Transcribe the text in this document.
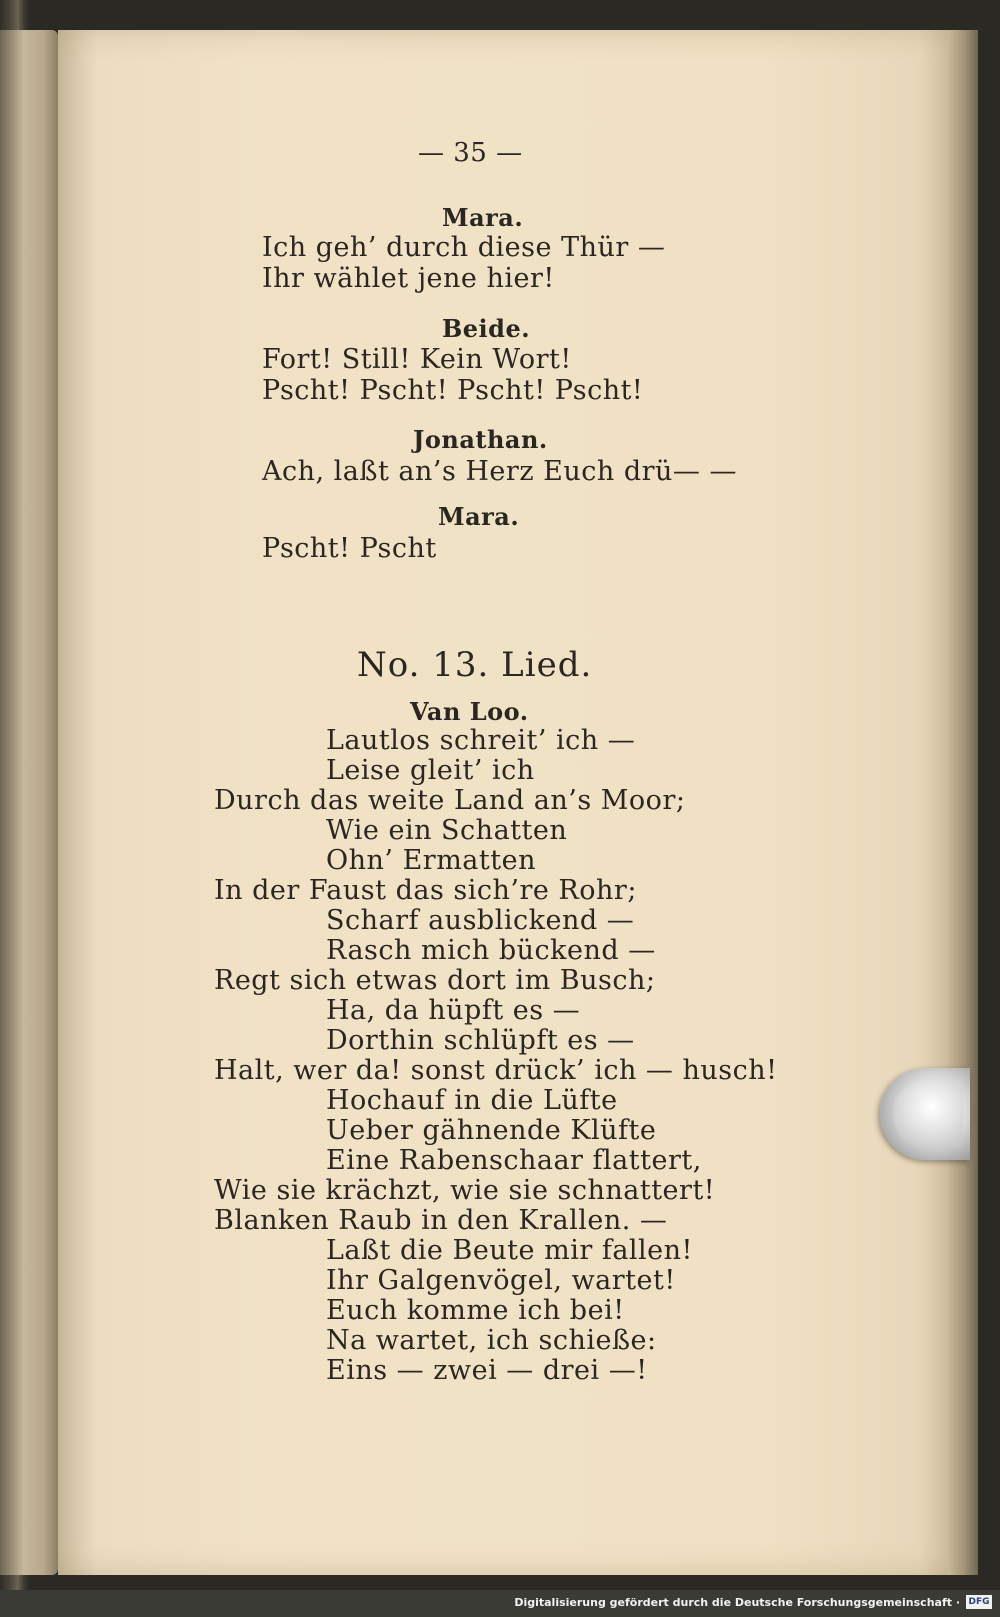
— 35 —
Mara.
Ich geh’ durch diese Thür —
Ihr wählet jene hier!
Beide.
Fort! Still! Kein Wort!
Pscht! Pscht! Pscht! Pscht!
Jonathan.
Ach, laßt an’s Herz Euch drü— —
Mara.
Pscht! Pscht
No. 13. Lied.
Van Loo.
Lautlos schreit’ ich —
Leise gleit’ ich
Durch das weite Land an’s Moor;
Wie ein Schatten
Ohn’ Ermatten
In der Faust das sich’re Rohr;
Scharf ausblickend —
Rasch mich bückend —
Regt sich etwas dort im Busch;
Ha, da hüpft es —
Dorthin schlüpft es —
Halt, wer da! sonst drück’ ich — husch!
Hochauf in die Lüfte
Ueber gähnende Klüfte
Eine Rabenschaar flattert,
Wie sie krächzt, wie sie schnattert!
Blanken Raub in den Krallen. —
Laßt die Beute mir fallen!
Ihr Galgenvögel, wartet!
Euch komme ich bei!
Na wartet, ich schieße:
Eins — zwei — drei —!
Digitalisierung gefördert durch die Deutsche Forschungsgemeinschaft · DFG
